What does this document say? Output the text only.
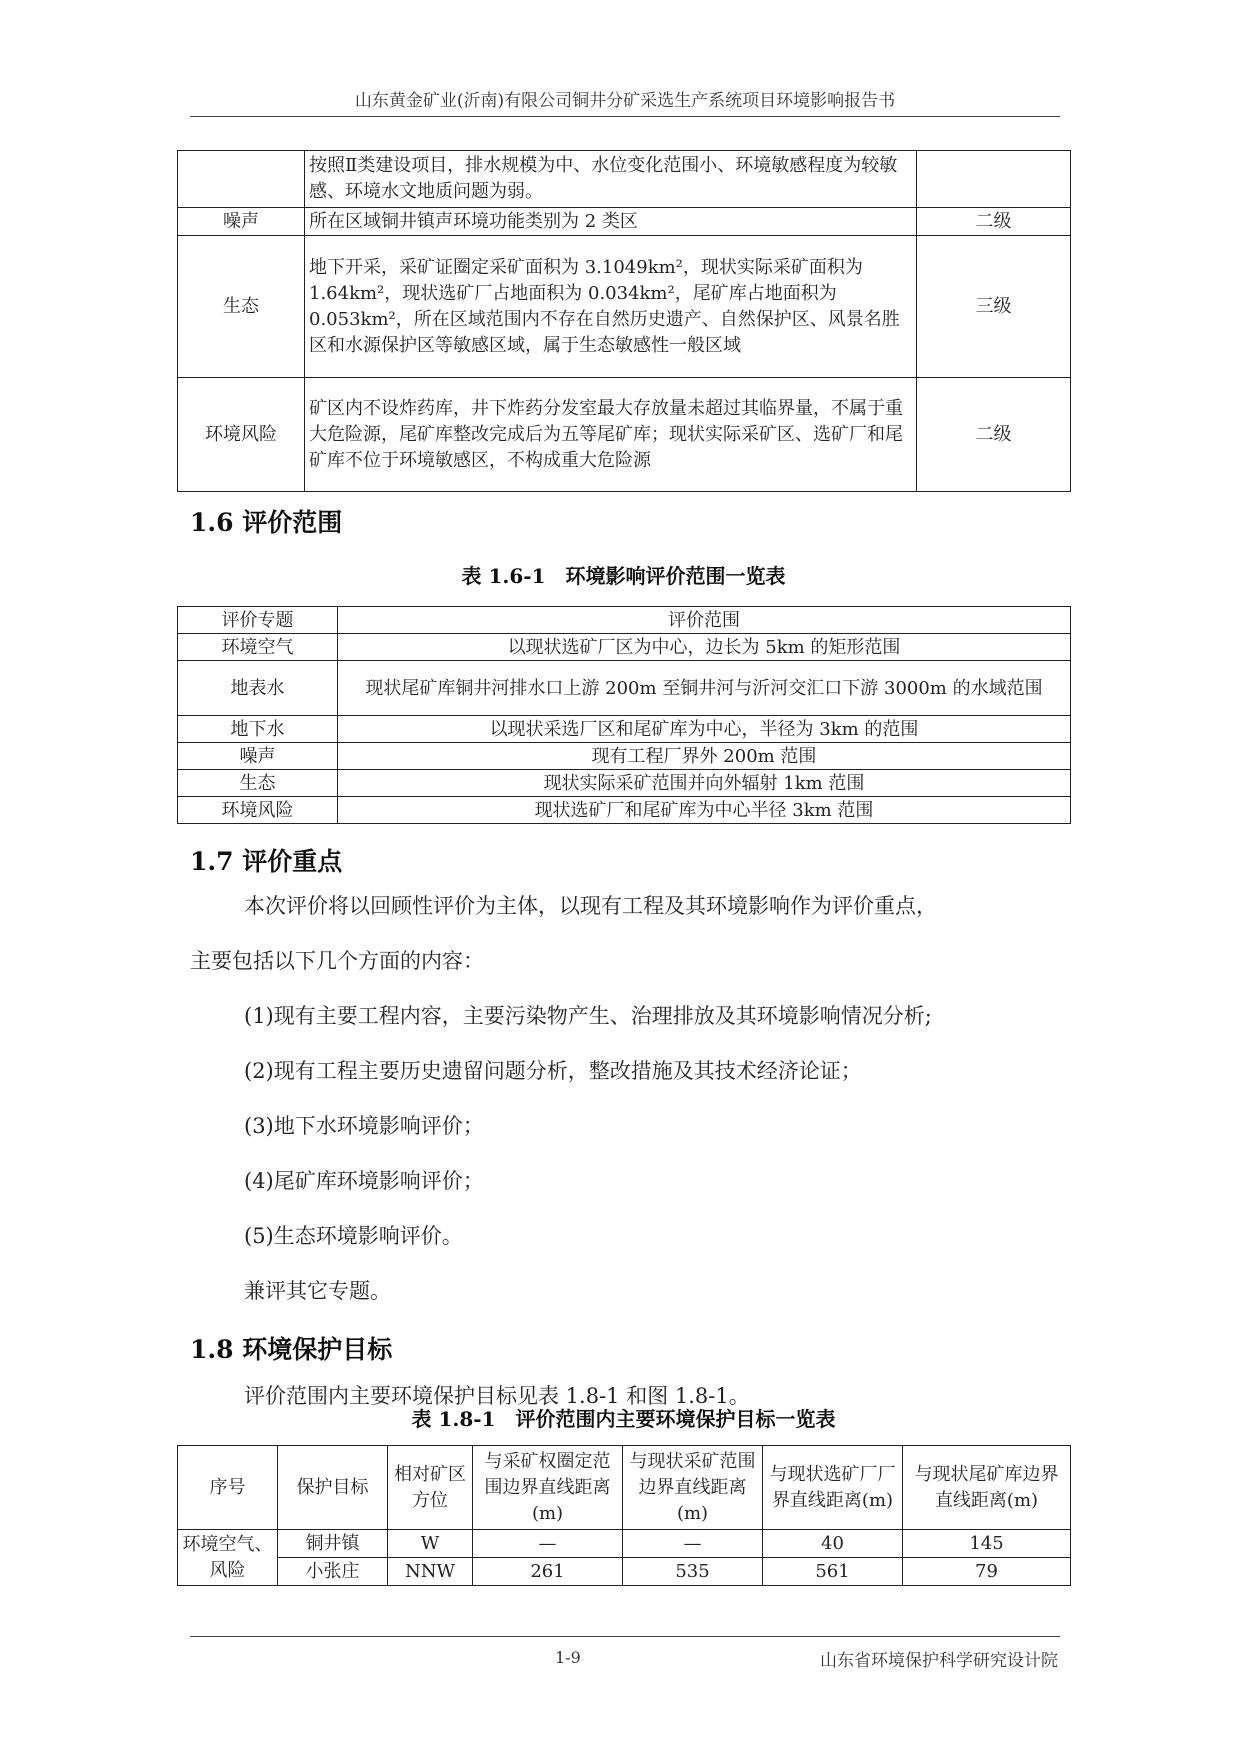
山东黄金矿业(沂南)有限公司铜井分矿采选生产系统项目环境影响报告书
	按照Ⅱ类建设项目，排水规模为中、水位变化范围小、环境敏感程度为较敏感、环境水文地质问题为弱。	
噪声	所在区域铜井镇声环境功能类别为 2 类区	二级
生态	地下开采，采矿证圈定采矿面积为 3.1049km²，现状实际采矿面积为 1.64km²，现状选矿厂占地面积为 0.034km²，尾矿库占地面积为 0.053km²，所在区域范围内不存在自然历史遗产、自然保护区、风景名胜区和水源保护区等敏感区域，属于生态敏感性一般区域	三级
环境风险	矿区内不设炸药库，井下炸药分发室最大存放量未超过其临界量，不属于重大危险源，尾矿库整改完成后为五等尾矿库；现状实际采矿区、选矿厂和尾矿库不位于环境敏感区，不构成重大危险源	二级
1.6 评价范围
表 1.6-1　环境影响评价范围一览表
评价专题	评价范围
环境空气	以现状选矿厂区为中心，边长为 5km 的矩形范围
地表水	现状尾矿库铜井河排水口上游 200m 至铜井河与沂河交汇口下游 3000m 的水域范围
地下水	以现状采选厂区和尾矿库为中心，半径为 3km 的范围
噪声	现有工程厂界外 200m 范围
生态	现状实际采矿范围并向外辐射 1km 范围
环境风险	现状选矿厂和尾矿库为中心半径 3km 范围
1.7 评价重点
本次评价将以回顾性评价为主体，以现有工程及其环境影响作为评价重点，
主要包括以下几个方面的内容：
(1)现有主要工程内容，主要污染物产生、治理排放及其环境影响情况分析;
(2)现有工程主要历史遗留问题分析，整改措施及其技术经济论证；
(3)地下水环境影响评价；
(4)尾矿库环境影响评价；
(5)生态环境影响评价。
兼评其它专题。
1.8 环境保护目标
评价范围内主要环境保护目标见表 1.8-1 和图 1.8-1。
表 1.8-1　评价范围内主要环境保护目标一览表
序号	保护目标	相对矿区方位	与采矿权圈定范围边界直线距离(m)	与现状采矿范围边界直线距离(m)	与现状选矿厂厂界直线距离(m)	与现状尾矿库边界直线距离(m)
环境空气、风险	铜井镇	W	—	—	40	145
	小张庄	NNW	261	535	561	79
1-9	山东省环境保护科学研究设计院
